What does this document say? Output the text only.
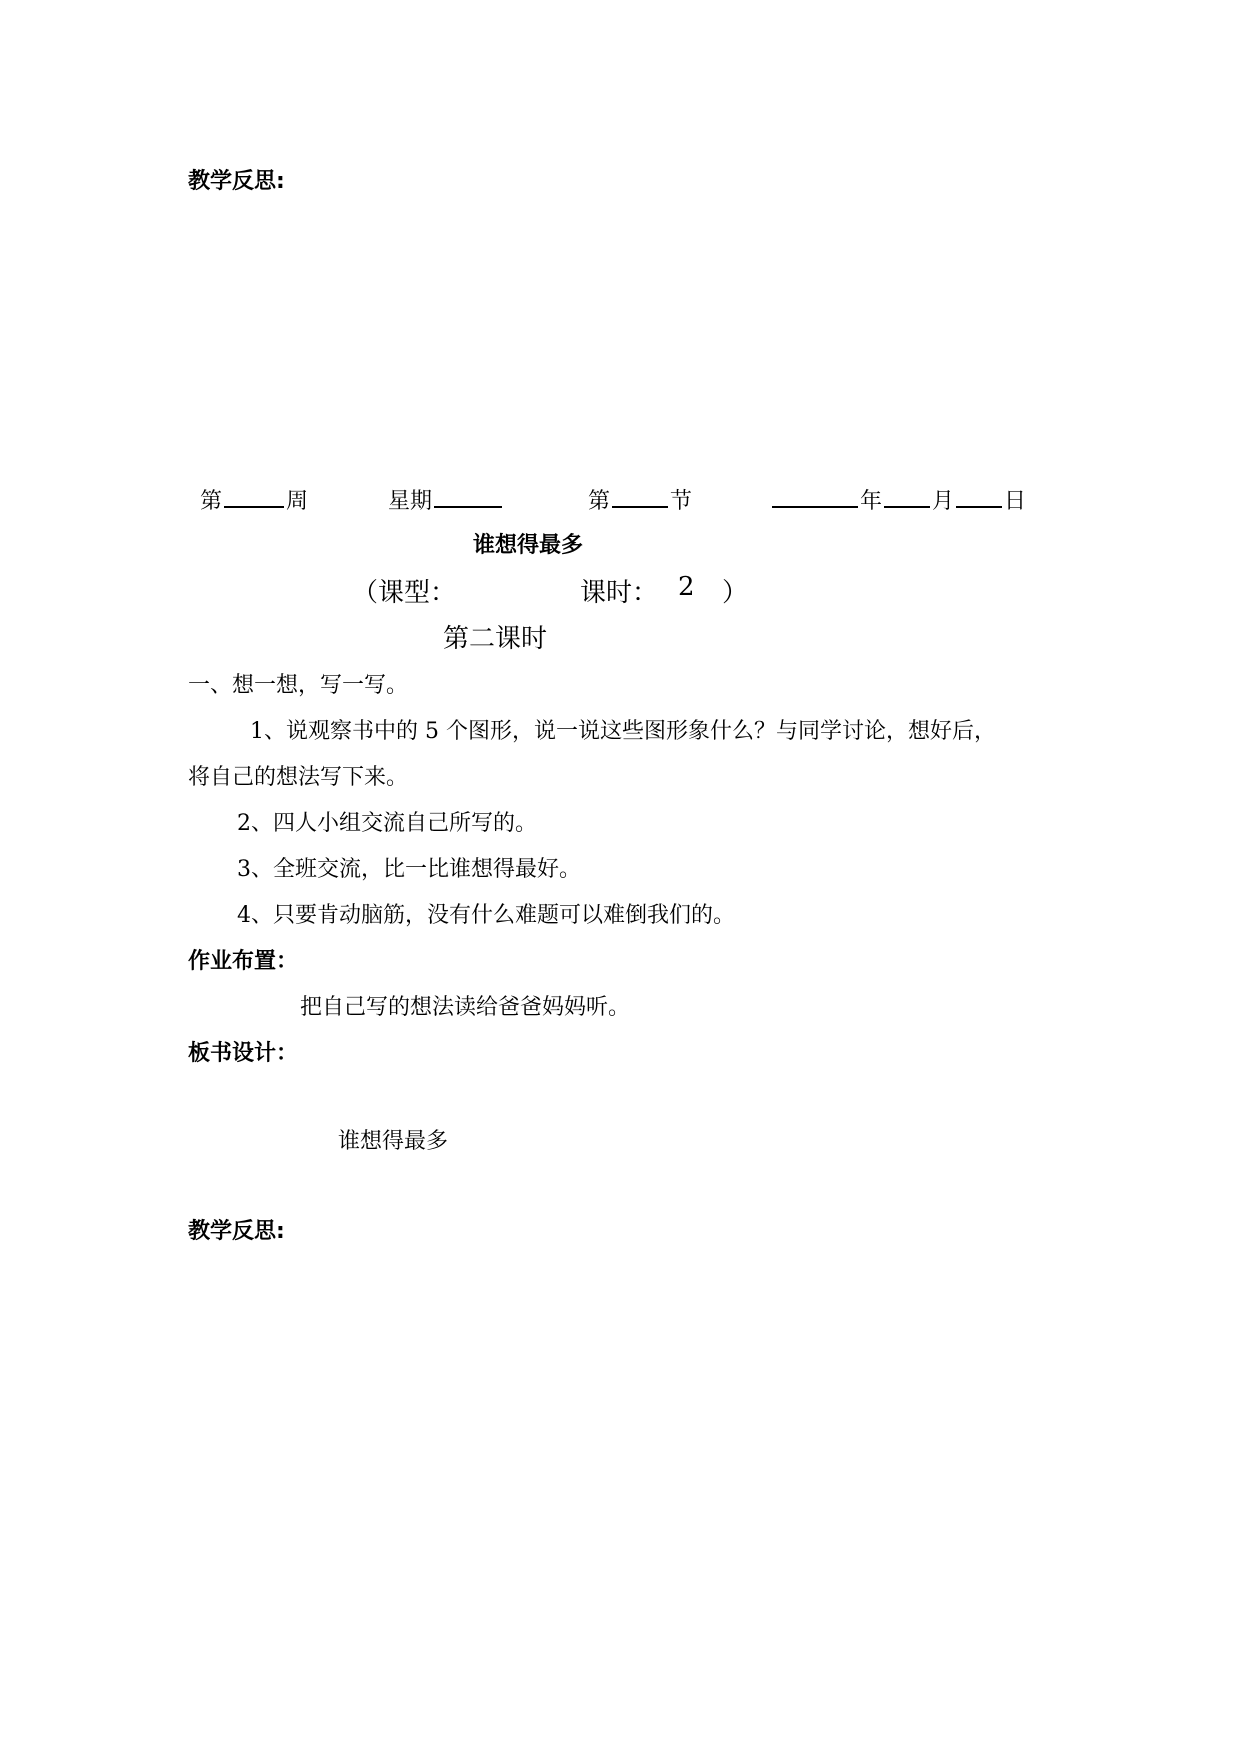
教学反思:
第	周	星期	第	节	年 月 日
谁想得最多
（课型：	课时： 2 ）
第二课时
一、想一想，写一写。
1、说观察书中的 5 个图形，说一说这些图形象什么？与同学讨论，想好后，
将自己的想法写下来。
2、四人小组交流自己所写的。
3、全班交流，比一比谁想得最好。
4、只要肯动脑筋，没有什么难题可以难倒我们的。
作业布置：
把自己写的想法读给爸爸妈妈听。
板书设计：
谁想得最多
教学反思:
